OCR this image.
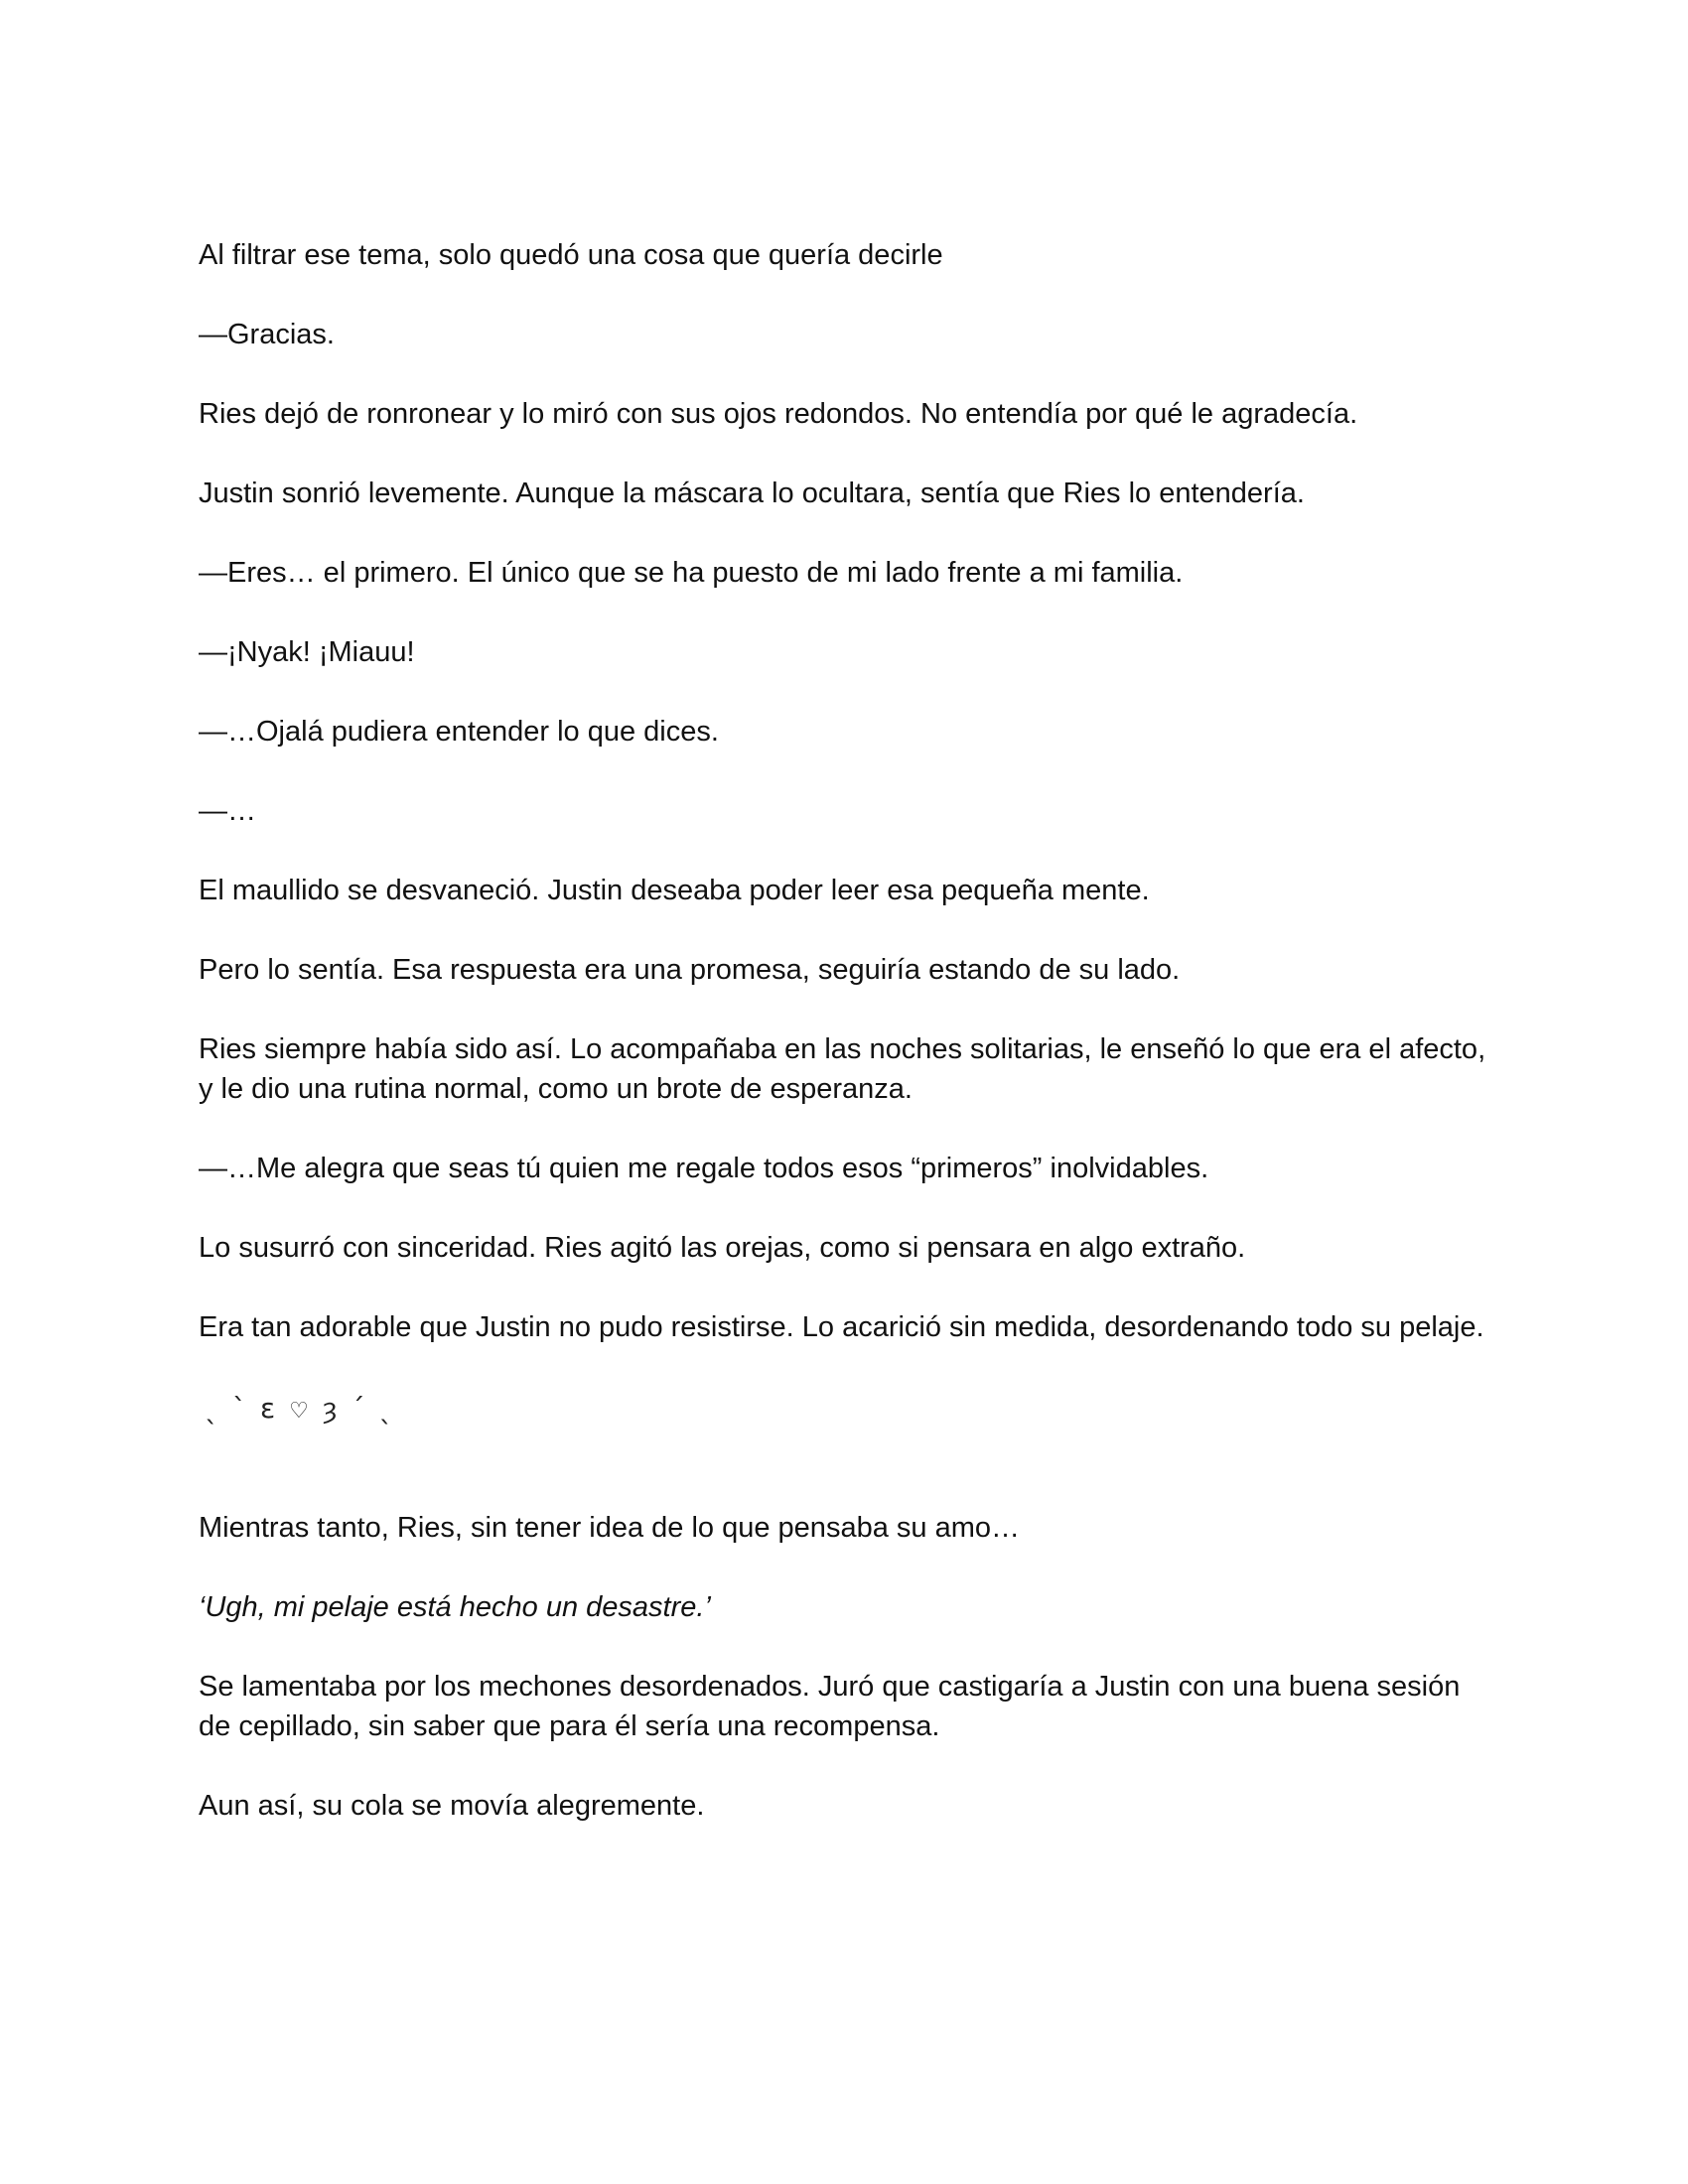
Al filtrar ese tema, solo quedó una cosa que quería decirle

—Gracias.

Ries dejó de ronronear y lo miró con sus ojos redondos. No entendía por qué le agradecía.

Justin sonrió levemente. Aunque la máscara lo ocultara, sentía que Ries lo entendería.

—Eres… el primero. El único que se ha puesto de mi lado frente a mi familia.

—¡Nyak! ¡Miauu!

—…Ojalá pudiera entender lo que dices.

—…

El maullido se desvaneció. Justin deseaba poder leer esa pequeña mente.

Pero lo sentía. Esa respuesta era una promesa, seguiría estando de su lado.

Ries siempre había sido así. Lo acompañaba en las noches solitarias, le enseñó lo que era el afecto, y le dio una rutina normal, como un brote de esperanza.

—…Me alegra que seas tú quien me regale todos esos “primeros” inolvidables.

Lo susurró con sinceridad. Ries agitó las orejas, como si pensara en algo extraño.

Era tan adorable que Justin no pudo resistirse. Lo acarició sin medida, desordenando todo su pelaje.

ˎˋɛ♡ȝˊˎ

Mientras tanto, Ries, sin tener idea de lo que pensaba su amo…

‘Ugh, mi pelaje está hecho un desastre.’

Se lamentaba por los mechones desordenados. Juró que castigaría a Justin con una buena sesión de cepillado, sin saber que para él sería una recompensa.

Aun así, su cola se movía alegremente.
